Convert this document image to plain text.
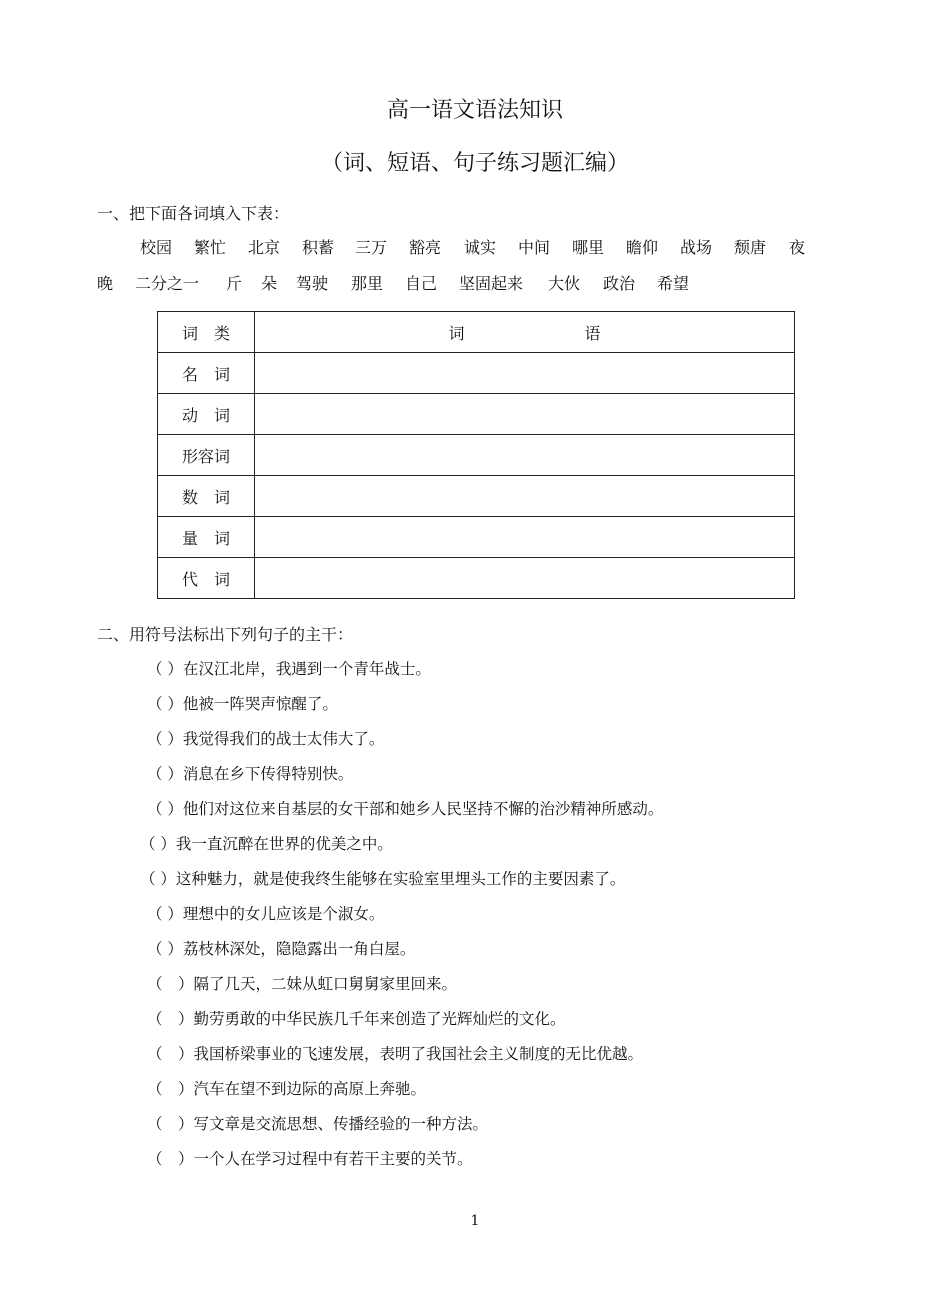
高一语文语法知识
（词、短语、句子练习题汇编）
一、把下面各词填入下表：
校园 繁忙 北京 积蓄 三万 豁亮 诚实 中间 哪里 瞻仰 战场 颓唐 夜
晚 二分之一 斤 朵 驾驶 那里 自己 坚固起来 大伙 政治 希望
词　类	词 语

名　词	
动　词	
形容词	
数　词	
量　词	
代　词	
二、用符号法标出下列句子的主干：
（ ）在汉江北岸，我遇到一个青年战士。
（ ）他被一阵哭声惊醒了。
（ ）我觉得我们的战士太伟大了。
（ ）消息在乡下传得特别快。
（ ）他们对这位来自基层的女干部和她乡人民坚持不懈的治沙精神所感动。
（ ）我一直沉醉在世界的优美之中。
（ ）这种魅力，就是使我终生能够在实验室里埋头工作的主要因素了。
（ ）理想中的女儿应该是个淑女。
（ ）荔枝林深处，隐隐露出一角白屋。
（　）隔了几天，二妹从虹口舅舅家里回来。
（　）勤劳勇敢的中华民族几千年来创造了光辉灿烂的文化。
（　）我国桥梁事业的飞速发展，表明了我国社会主义制度的无比优越。
（　）汽车在望不到边际的高原上奔驰。
（　）写文章是交流思想、传播经验的一种方法。
（　）一个人在学习过程中有若干主要的关节。
1
